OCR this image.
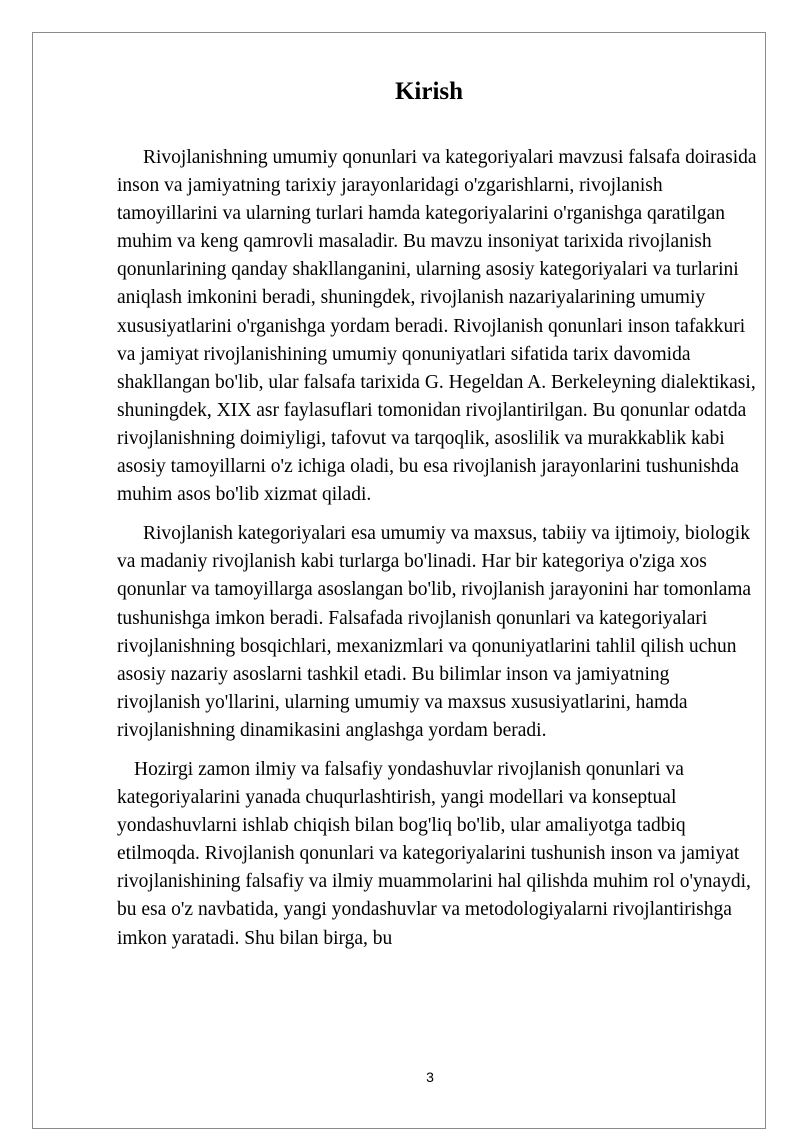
Kirish

Rivojlanishning umumiy qonunlari va kategoriyalari mavzusi falsafa doirasida inson va jamiyatning tarixiy jarayonlaridagi o'zgarishlarni, rivojlanish tamoyillarini va ularning turlari hamda kategoriyalarini o'rganishga qaratilgan muhim va keng qamrovli masaladir. Bu mavzu insoniyat tarixida rivojlanish qonunlarining qanday shakllanganini, ularning asosiy kategoriyalari va turlarini aniqlash imkonini beradi, shuningdek, rivojlanish nazariyalarining umumiy xususiyatlarini o'rganishga yordam beradi. Rivojlanish qonunlari inson tafakkuri va jamiyat rivojlanishining umumiy qonuniyatlari sifatida tarix davomida shakllangan bo'lib, ular falsafa tarixida G. Hegeldan A. Berkeleyning dialektikasi, shuningdek, XIX asr faylasuflari tomonidan rivojlantirilgan. Bu qonunlar odatda rivojlanishning doimiyligi, tafovut va tarqoqlik, asoslilik va murakkablik kabi asosiy tamoyillarni o'z ichiga oladi, bu esa rivojlanish jarayonlarini tushunishda muhim asos bo'lib xizmat qiladi.

Rivojlanish kategoriyalari esa umumiy va maxsus, tabiiy va ijtimoiy, biologik va madaniy rivojlanish kabi turlarga bo'linadi. Har bir kategoriya o'ziga xos qonunlar va tamoyillarga asoslangan bo'lib, rivojlanish jarayonini har tomonlama tushunishga imkon beradi. Falsafada rivojlanish qonunlari va kategoriyalari rivojlanishning bosqichlari, mexanizmlari va qonuniyatlarini tahlil qilish uchun asosiy nazariy asoslarni tashkil etadi. Bu bilimlar inson va jamiyatning rivojlanish yo'llarini, ularning umumiy va maxsus xususiyatlarini, hamda rivojlanishning dinamikasini anglashga yordam beradi.

Hozirgi zamon ilmiy va falsafiy yondashuvlar rivojlanish qonunlari va kategoriyalarini yanada chuqurlashtirish, yangi modellari va konseptual yondashuvlarni ishlab chiqish bilan bog'liq bo'lib, ular amaliyotga tadbiq etilmoqda. Rivojlanish qonunlari va kategoriyalarini tushunish inson va jamiyat rivojlanishining falsafiy va ilmiy muammolarini hal qilishda muhim rol o'ynaydi, bu esa o'z navbatida, yangi yondashuvlar va metodologiyalarni rivojlantirishga imkon yaratadi. Shu bilan birga, bu

3
